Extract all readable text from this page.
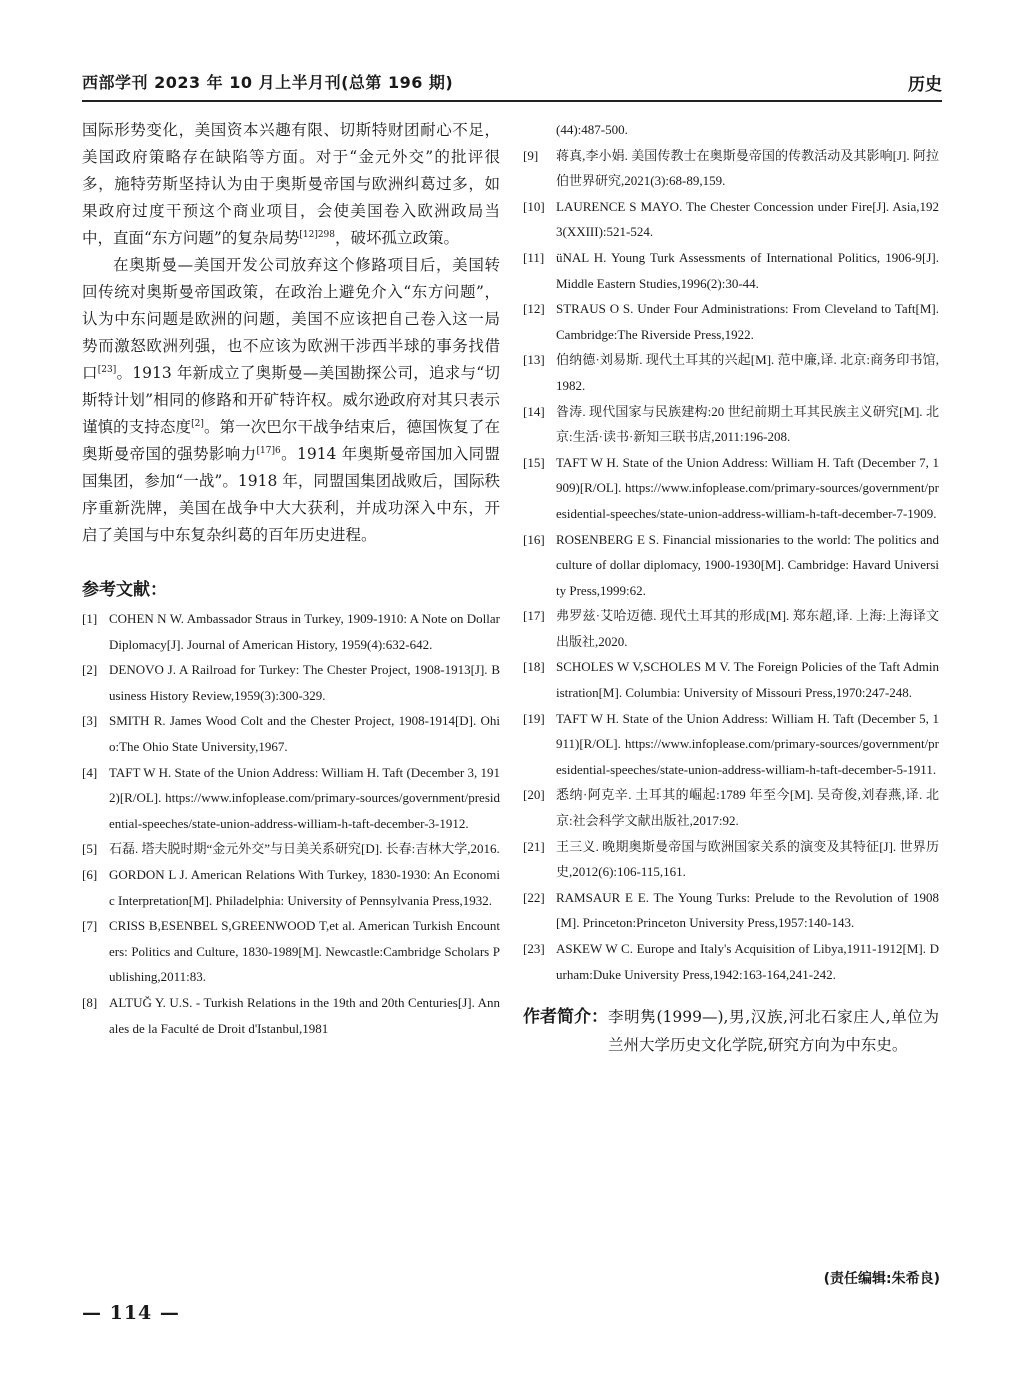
西部学刊 2023 年 10 月上半月刊(总第 196 期)	历史

国际形势变化，美国资本兴趣有限、切斯特财团耐心不足，美国政府策略存在缺陷等方面。对于“金元外交”的批评很多，施特劳斯坚持认为由于奥斯曼帝国与欧洲纠葛过多，如果政府过度干预这个商业项目，会使美国卷入欧洲政局当中，直面“东方问题”的复杂局势$^{[12]298}$，破坏孤立政策。

在奥斯曼—美国开发公司放弃这个修路项目后，美国转回传统对奥斯曼帝国政策，在政治上避免介入“东方问题”，认为中东问题是欧洲的问题，美国不应该把自己卷入这一局势而激怒欧洲列强，也不应该为欧洲干涉西半球的事务找借口[23]。1913 年新成立了奥斯曼—美国勘探公司，追求与“切斯特计划”相同的修路和开矿特许权。威尔逊政府对其只表示谨慎的支持态度[2]。第一次巴尔干战争结束后，德国恢复了在奥斯曼帝国的强势影响力$^{[17]6}$。1914 年奥斯曼帝国加入同盟国集团，参加“一战”。1918 年，同盟国集团战败后，国际秩序重新洗牌，美国在战争中大大获利，并成功深入中东，开启了美国与中东复杂纠葛的百年历史进程。

参考文献：
[1] COHEN N W. Ambassador Straus in Turkey, 1909-1910: A Note on Dollar Diplomacy[J]. Journal of American History, 1959(4):632-642.
[2] DENOVO J. A Railroad for Turkey: The Chester Project, 1908-1913[J]. Business History Review,1959(3):300-329.
[3] SMITH R. James Wood Colt and the Chester Project, 1908-1914[D]. Ohio:The Ohio State University,1967.
[4] TAFT W H. State of the Union Address: William H. Taft (December 3, 1912)[R/OL]. https://www.infoplease.com/primary-sources/government/presidential-speeches/state-union-address-william-h-taft-december-3-1912.
[5] 石磊. 塔夫脱时期“金元外交”与日美关系研究[D]. 长春:吉林大学,2016.
[6] GORDON L J. American Relations With Turkey, 1830-1930: An Economic Interpretation[M]. Philadelphia: University of Pennsylvania Press,1932.
[7] CRISS B,ESENBEL S,GREENWOOD T,et al. American Turkish Encounters: Politics and Culture, 1830-1989[M]. Newcastle:Cambridge Scholars Publishing,2011:83.
[8] ALTUĞ Y. U.S. - Turkish Relations in the 19th and 20th Centuries[J]. Annales de la Faculté de Droit d'Istanbul,1981
(44):487-500.
[9]	蒋真,李小娟. 美国传教士在奥斯曼帝国的传教活动及其影响[J]. 阿拉伯世界研究,2021(3):68-89,159.
[10] LAURENCE S MAYO. The Chester Concession under Fire[J]. Asia,1923(XXIII):521-524.
[11] üNAL H. Young Turk Assessments of International Politics, 1906-9[J]. Middle Eastern Studies,1996(2):30-44.
[12] STRAUS O S. Under Four Administrations: From Cleveland to Taft[M]. Cambridge:The Riverside Press,1922.
[13] 伯纳德·刘易斯. 现代土耳其的兴起[M]. 范中廉,译. 北京:商务印书馆,1982.
[14] 昝涛. 现代国家与民族建构:20 世纪前期土耳其民族主义研究[M]. 北京:生活·读书·新知三联书店,2011:196-208.
[15] TAFT W H. State of the Union Address: William H. Taft (December 7, 1909)[R/OL]. https://www.infoplease.com/primary-sources/government/presidential-speeches/state-union-address-william-h-taft-december-7-1909.
[16] ROSENBERG E S. Financial missionaries to the world: The politics and culture of dollar diplomacy, 1900-1930[M]. Cambridge: Havard University Press,1999:62.
[17] 弗罗兹·艾哈迈德. 现代土耳其的形成[M]. 郑东超,译. 上海:上海译文出版社,2020.
[18] SCHOLES W V,SCHOLES M V. The Foreign Policies of the Taft Administration[M]. Columbia: University of Missouri Press,1970:247-248.
[19] TAFT W H. State of the Union Address: William H. Taft (December 5, 1911)[R/OL]. https://www.infoplease.com/primary-sources/government/presidential-speeches/state-union-address-william-h-taft-december-5-1911.
[20] 悉纳·阿克辛. 土耳其的崛起:1789 年至今[M]. 吴奇俊,刘春燕,译. 北京:社会科学文献出版社,2017:92.
[21] 王三义. 晚期奥斯曼帝国与欧洲国家关系的演变及其特征[J]. 世界历史,2012(6):106-115,161.
[22] RAMSAUR E E. The Young Turks: Prelude to the Revolution of 1908[M]. Princeton:Princeton University Press,1957:140-143.
[23] ASKEW W C. Europe and Italy's Acquisition of Libya,1911-1912[M]. Durham:Duke University Press,1942:163-164,241-242.
作者简介： 李明隽(1999—),男,汉族,河北石家庄人,单位为兰州大学历史文化学院,研究方向为中东史。
(责任编辑:朱希良)
— 114 —
